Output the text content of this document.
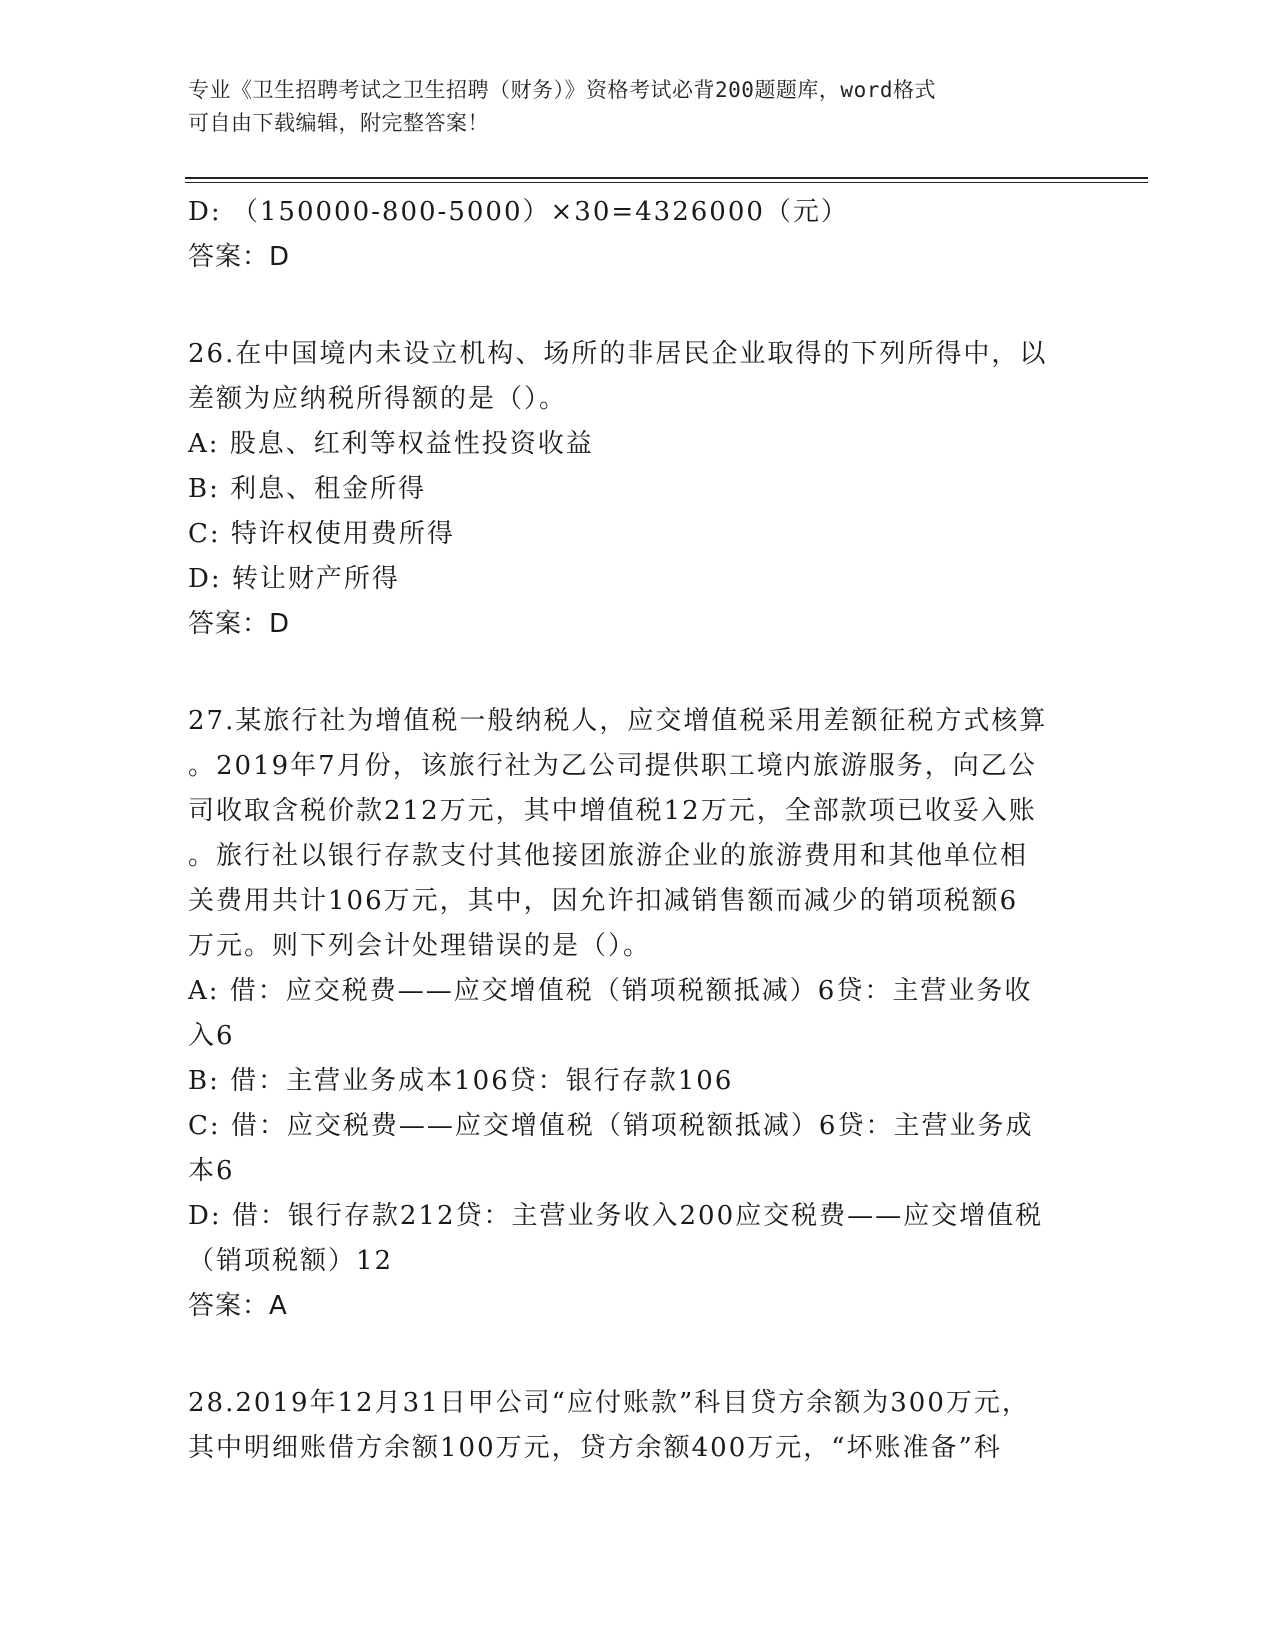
专业《卫生招聘考试之卫生招聘（财务）》资格考试必背200题题库，word格式
可自由下载编辑，附完整答案！
D: （150000-800-5000）×30=4326000（元）
答案：D
26.在中国境内未设立机构、场所的非居民企业取得的下列所得中，以
差额为应纳税所得额的是（）。
A: 股息、红利等权益性投资收益
B: 利息、租金所得
C: 特许权使用费所得
D: 转让财产所得
答案：D
27.某旅行社为增值税一般纳税人，应交增值税采用差额征税方式核算
。2019年7月份，该旅行社为乙公司提供职工境内旅游服务，向乙公
司收取含税价款212万元，其中增值税12万元，全部款项已收妥入账
。旅行社以银行存款支付其他接团旅游企业的旅游费用和其他单位相
关费用共计106万元，其中，因允许扣减销售额而减少的销项税额6
万元。则下列会计处理错误的是（）。
A: 借：应交税费——应交增值税（销项税额抵减）6贷：主营业务收
入6
B: 借：主营业务成本106贷：银行存款106
C: 借：应交税费——应交增值税（销项税额抵减）6贷：主营业务成
本6
D: 借：银行存款212贷：主营业务收入200应交税费——应交增值税
（销项税额）12
答案：A
28.2019年12月31日甲公司“应付账款”科目贷方余额为300万元，
其中明细账借方余额100万元，贷方余额400万元，“坏账准备”科
